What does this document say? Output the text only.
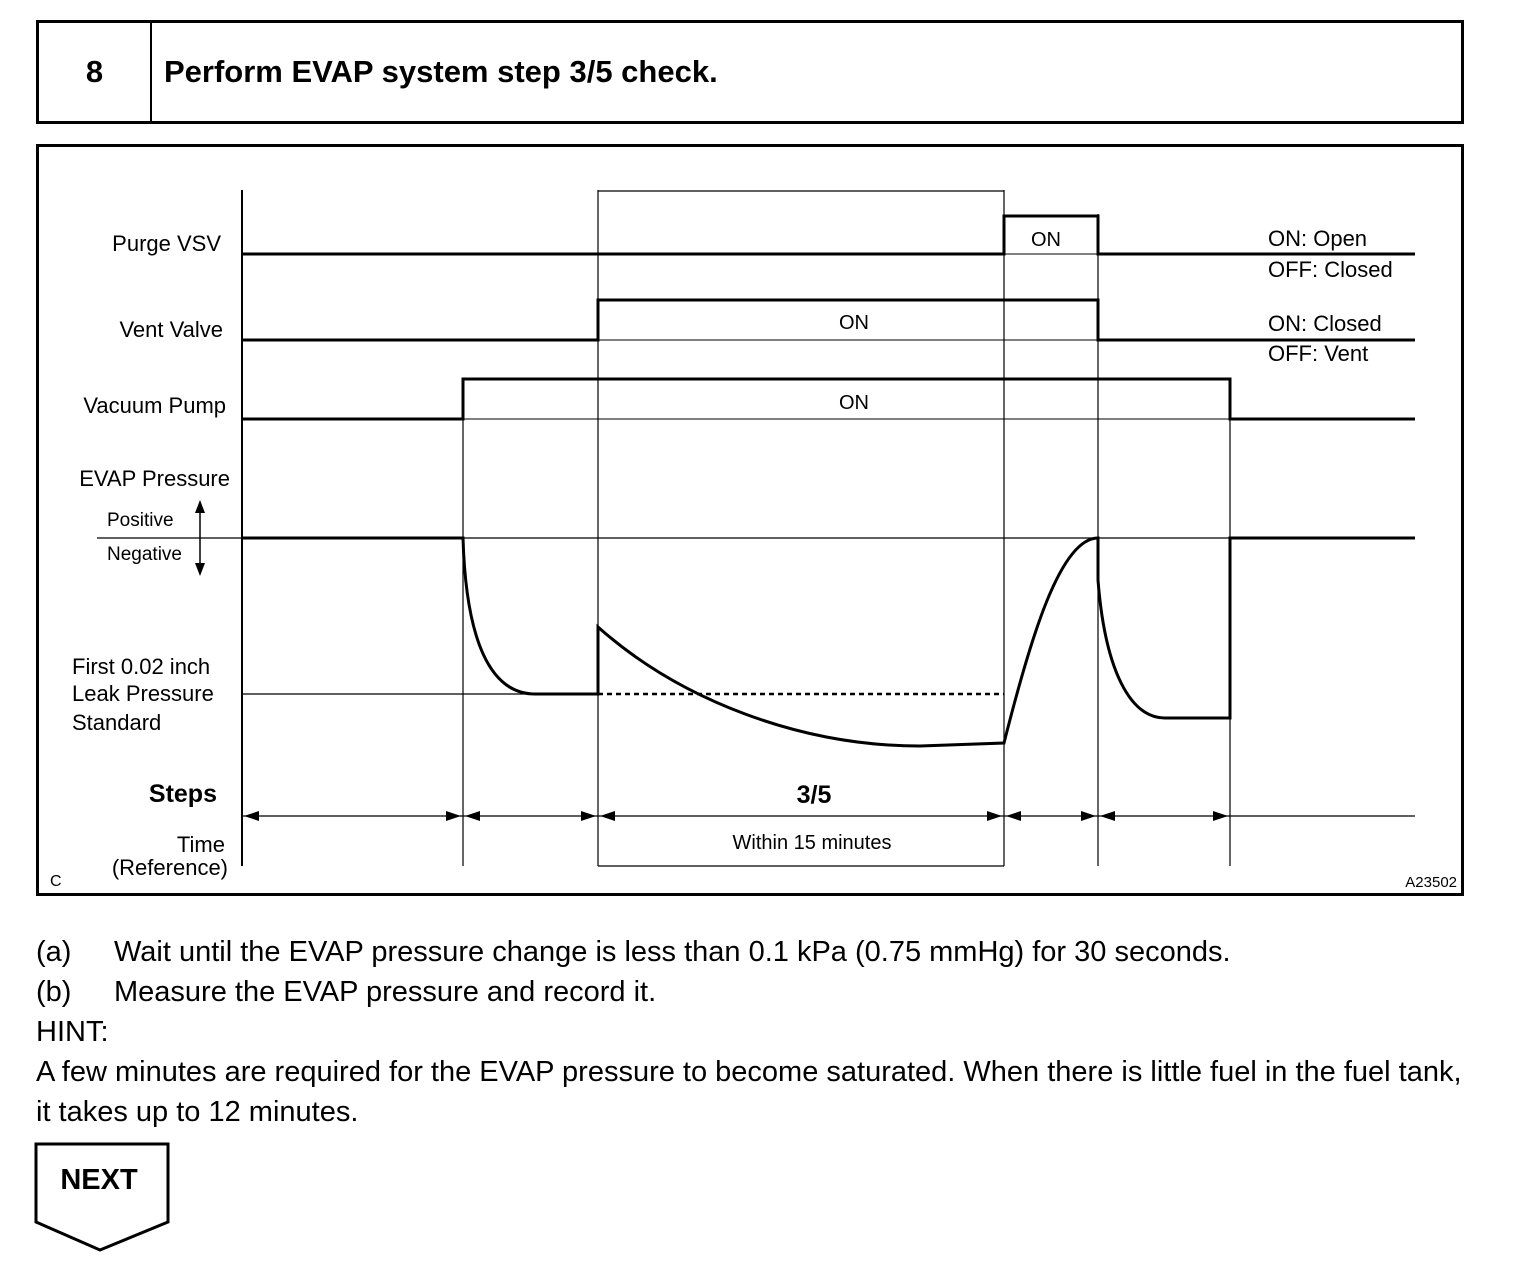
8	Perform EVAP system step 3/5 check.
Purge VSV
Vent Valve
Vacuum Pump
EVAP Pressure
Positive
Negative
First 0.02 inch
Leak Pressure
Standard
Steps
Time
(Reference)
ON
ON
ON
ON: Open
OFF: Closed
ON: Closed
OFF: Vent
3/5
Within 15 minutes
C	A23502
(a)	Wait until the EVAP pressure change is less than 0.1 kPa (0.75 mmHg) for 30 seconds.
(b)	Measure the EVAP pressure and record it.
HINT:
A few minutes are required for the EVAP pressure to become saturated. When there is little fuel in the fuel tank, it takes up to 12 minutes.
NEXT
